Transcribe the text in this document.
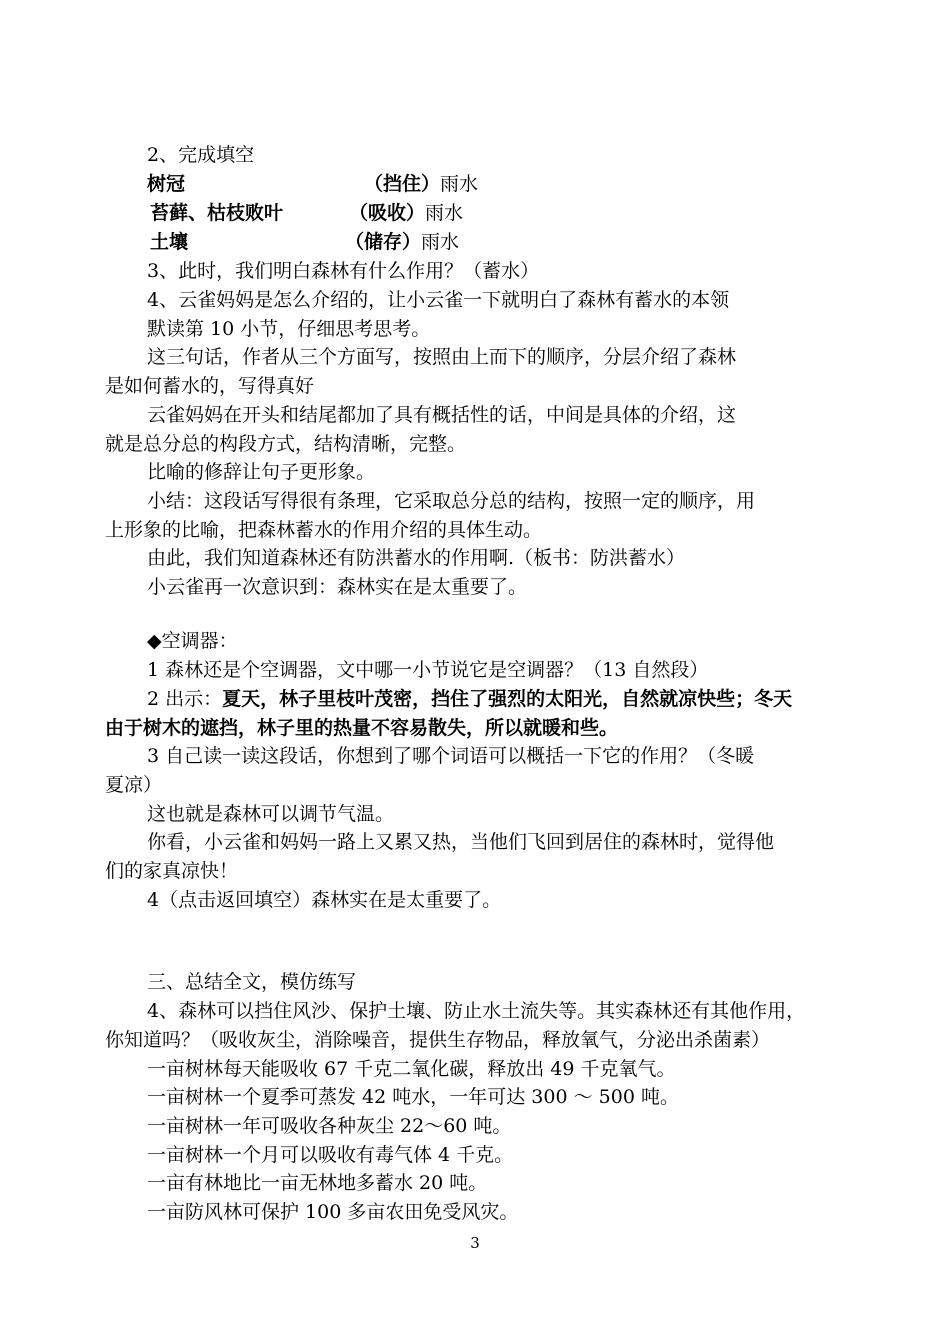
2、完成填空
树冠	（挡住）雨水
苔藓、枯枝败叶	（吸收）雨水
土壤	（储存）雨水
3、此时，我们明白森林有什么作用？（蓄水）
4、云雀妈妈是怎么介绍的，让小云雀一下就明白了森林有蓄水的本领
默读第 10 小节，仔细思考思考。
这三句话，作者从三个方面写，按照由上而下的顺序，分层介绍了森林
是如何蓄水的，写得真好
云雀妈妈在开头和结尾都加了具有概括性的话，中间是具体的介绍，这
就是总分总的构段方式，结构清晰，完整。
比喻的修辞让句子更形象。
小结：这段话写得很有条理，它采取总分总的结构，按照一定的顺序，用
上形象的比喻，把森林蓄水的作用介绍的具体生动。
由此，我们知道森林还有防洪蓄水的作用啊.（板书：防洪蓄水）
小云雀再一次意识到：森林实在是太重要了。
◆空调器：
1 森林还是个空调器，文中哪一小节说它是空调器？（13 自然段）
2 出示：夏天，林子里枝叶茂密，挡住了强烈的太阳光，自然就凉快些；冬天
由于树木的遮挡，林子里的热量不容易散失，所以就暖和些。
3 自己读一读这段话，你想到了哪个词语可以概括一下它的作用？（冬暖
夏凉）
这也就是森林可以调节气温。
你看，小云雀和妈妈一路上又累又热，当他们飞回到居住的森林时，觉得他
们的家真凉快！
4（点击返回填空）森林实在是太重要了。
三、总结全文，模仿练写
4、森林可以挡住风沙、保护土壤、防止水土流失等。其实森林还有其他作用，
你知道吗？（吸收灰尘，消除噪音，提供生存物品，释放氧气，分泌出杀菌素）
一亩树林每天能吸收 67 千克二氧化碳，释放出 49 千克氧气。
一亩树林一个夏季可蒸发 42 吨水，一年可达 300 ～ 500 吨。
一亩树林一年可吸收各种灰尘 22～60 吨。
一亩树林一个月可以吸收有毒气体 4 千克。
一亩有林地比一亩无林地多蓄水 20 吨。
一亩防风林可保护 100 多亩农田免受风灾。
3
